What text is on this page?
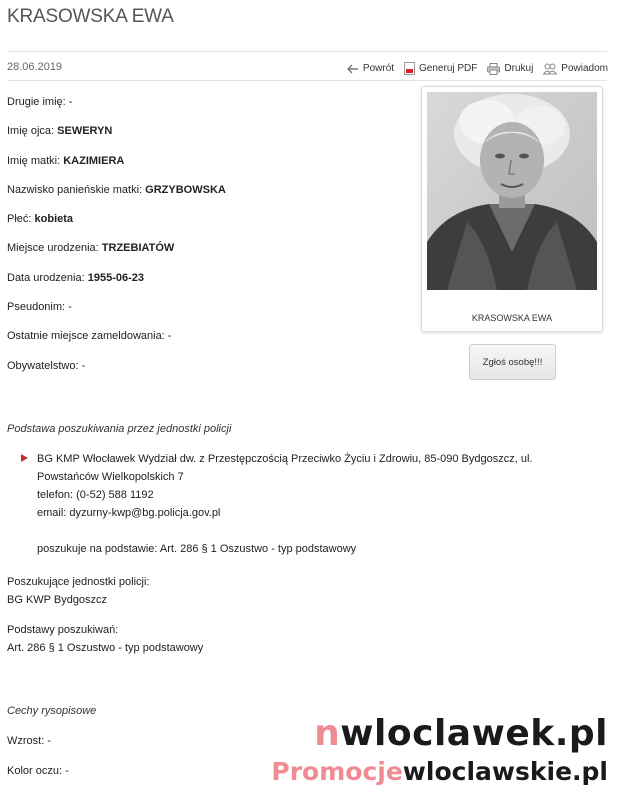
KRASOWSKA EWA
28.06.2019	Powrót	Generuj PDF	Drukuj	Powiadom
Drugie imię: -
Imię ojca: SEWERYN
Imię matki: KAZIMIERA
Nazwisko panieńskie matki: GRZYBOWSKA
Płeć: kobieta
Miejsce urodzenia: TRZEBIATÓW
Data urodzenia: 1955-06-23
Pseudonim: -
Ostatnie miejsce zameldowania: -
Obywatelstwo: -
KRASOWSKA EWA
Zgłoś osobę!!!
Podstawa poszukiwania przez jednostki policji
BG KMP Włocławek Wydział dw. z Przestępczością Przeciwko Życiu i Zdrowiu, 85-090 Bydgoszcz, ul.
Powstańców Wielkopolskich 7
telefon: (0-52) 588 1192
email: dyzurny-kwp@bg.policja.gov.pl
poszukuje na podstawie: Art. 286 § 1 Oszustwo - typ podstawowy
Poszukujące jednostki policji:
BG KWP Bydgoszcz
Podstawy poszukiwań:
Art. 286 § 1 Oszustwo - typ podstawowy
Cechy rysopisowe
Wzrost: -
Kolor oczu: -
nwloclawek.pl
Promocjewloclawskie.pl
